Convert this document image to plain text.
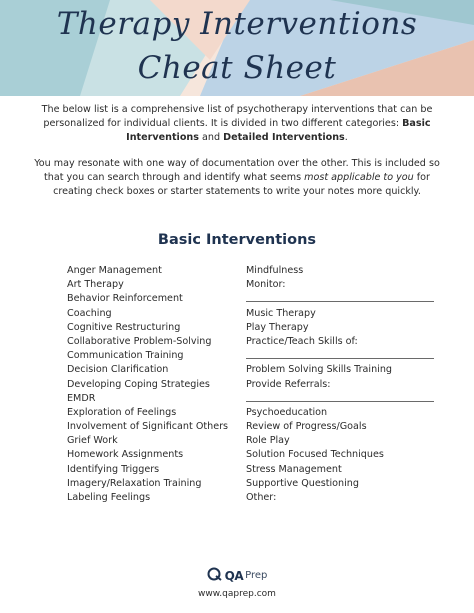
Therapy Interventions
Cheat Sheet
The below list is a comprehensive list of psychotherapy interventions that can be personalized for individual clients. It is divided in two different categories: Basic Interventions and Detailed Interventions.
You may resonate with one way of documentation over the other. This is included so that you can search through and identify what seems most applicable to you for creating check boxes or starter statements to write your notes more quickly.
Basic Interventions
Anger Management
Art Therapy
Behavior Reinforcement
Coaching
Cognitive Restructuring
Collaborative Problem-Solving
Communication Training
Decision Clarification
Developing Coping Strategies
EMDR
Exploration of Feelings
Involvement of Significant Others
Grief Work
Homework Assignments
Identifying Triggers
Imagery/Relaxation Training
Labeling Feelings
Mindfulness
Monitor:
Music Therapy
Play Therapy
Practice/Teach Skills of:
Problem Solving Skills Training
Provide Referrals:
Psychoeducation
Review of Progress/Goals
Role Play
Solution Focused Techniques
Stress Management
Supportive Questioning
Other:
QA Prep
www.qaprep.com
